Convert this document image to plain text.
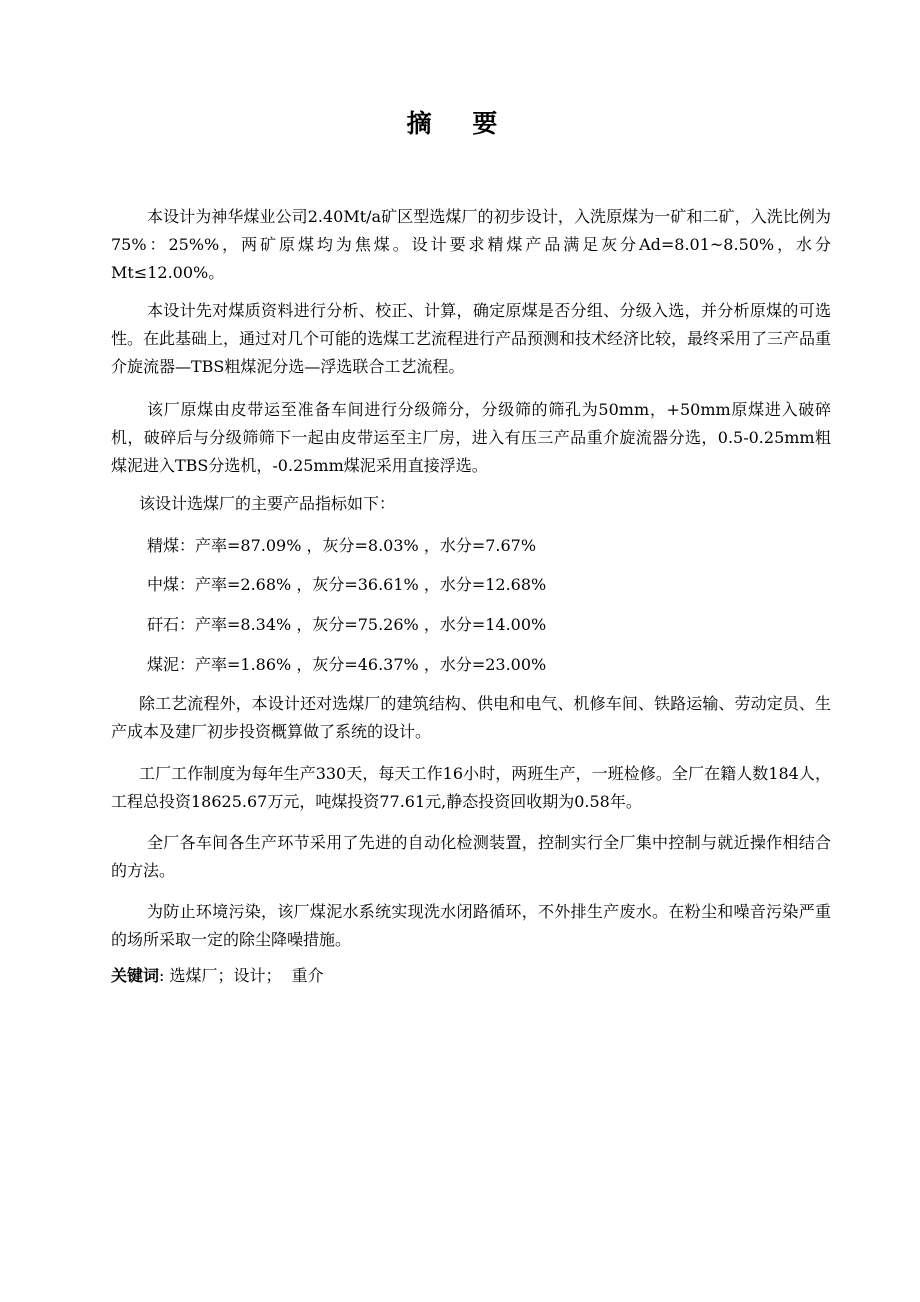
摘 要

本设计为神华煤业公司2.40Mt/a矿区型选煤厂的初步设计，入洗原煤为一矿和二矿，入洗比例为75%：25%%，两矿原煤均为焦煤。设计要求精煤产品满足灰分Ad=8.01~8.50%，水分Mt≤12.00%。

本设计先对煤质资料进行分析、校正、计算，确定原煤是否分组、分级入选，并分析原煤的可选性。在此基础上，通过对几个可能的选煤工艺流程进行产品预测和技术经济比较，最终采用了三产品重介旋流器—TBS粗煤泥分选—浮选联合工艺流程。

该厂原煤由皮带运至准备车间进行分级筛分，分级筛的筛孔为50mm，+50mm原煤进入破碎机，破碎后与分级筛筛下一起由皮带运至主厂房，进入有压三产品重介旋流器分选，0.5-0.25mm粗煤泥进入TBS分选机，-0.25mm煤泥采用直接浮选。

该设计选煤厂的主要产品指标如下：

精煤：产率=87.09% ，灰分=8.03% ，水分=7.67%
中煤：产率=2.68% ，灰分=36.61% ，水分=12.68%
矸石：产率=8.34% ，灰分=75.26% ，水分=14.00%
煤泥：产率=1.86% ，灰分=46.37% ，水分=23.00%

除工艺流程外，本设计还对选煤厂的建筑结构、供电和电气、机修车间、铁路运输、劳动定员、生产成本及建厂初步投资概算做了系统的设计。

工厂工作制度为每年生产330天，每天工作16小时，两班生产，一班检修。全厂在籍人数184人，工程总投资18625.67万元，吨煤投资77.61元,静态投资回收期为0.58年。

全厂各车间各生产环节采用了先进的自动化检测装置，控制实行全厂集中控制与就近操作相结合的方法。

为防止环境污染，该厂煤泥水系统实现洗水闭路循环，不外排生产废水。在粉尘和噪音污染严重的场所采取一定的除尘降噪措施。

关键词: 选煤厂；设计；  重介
